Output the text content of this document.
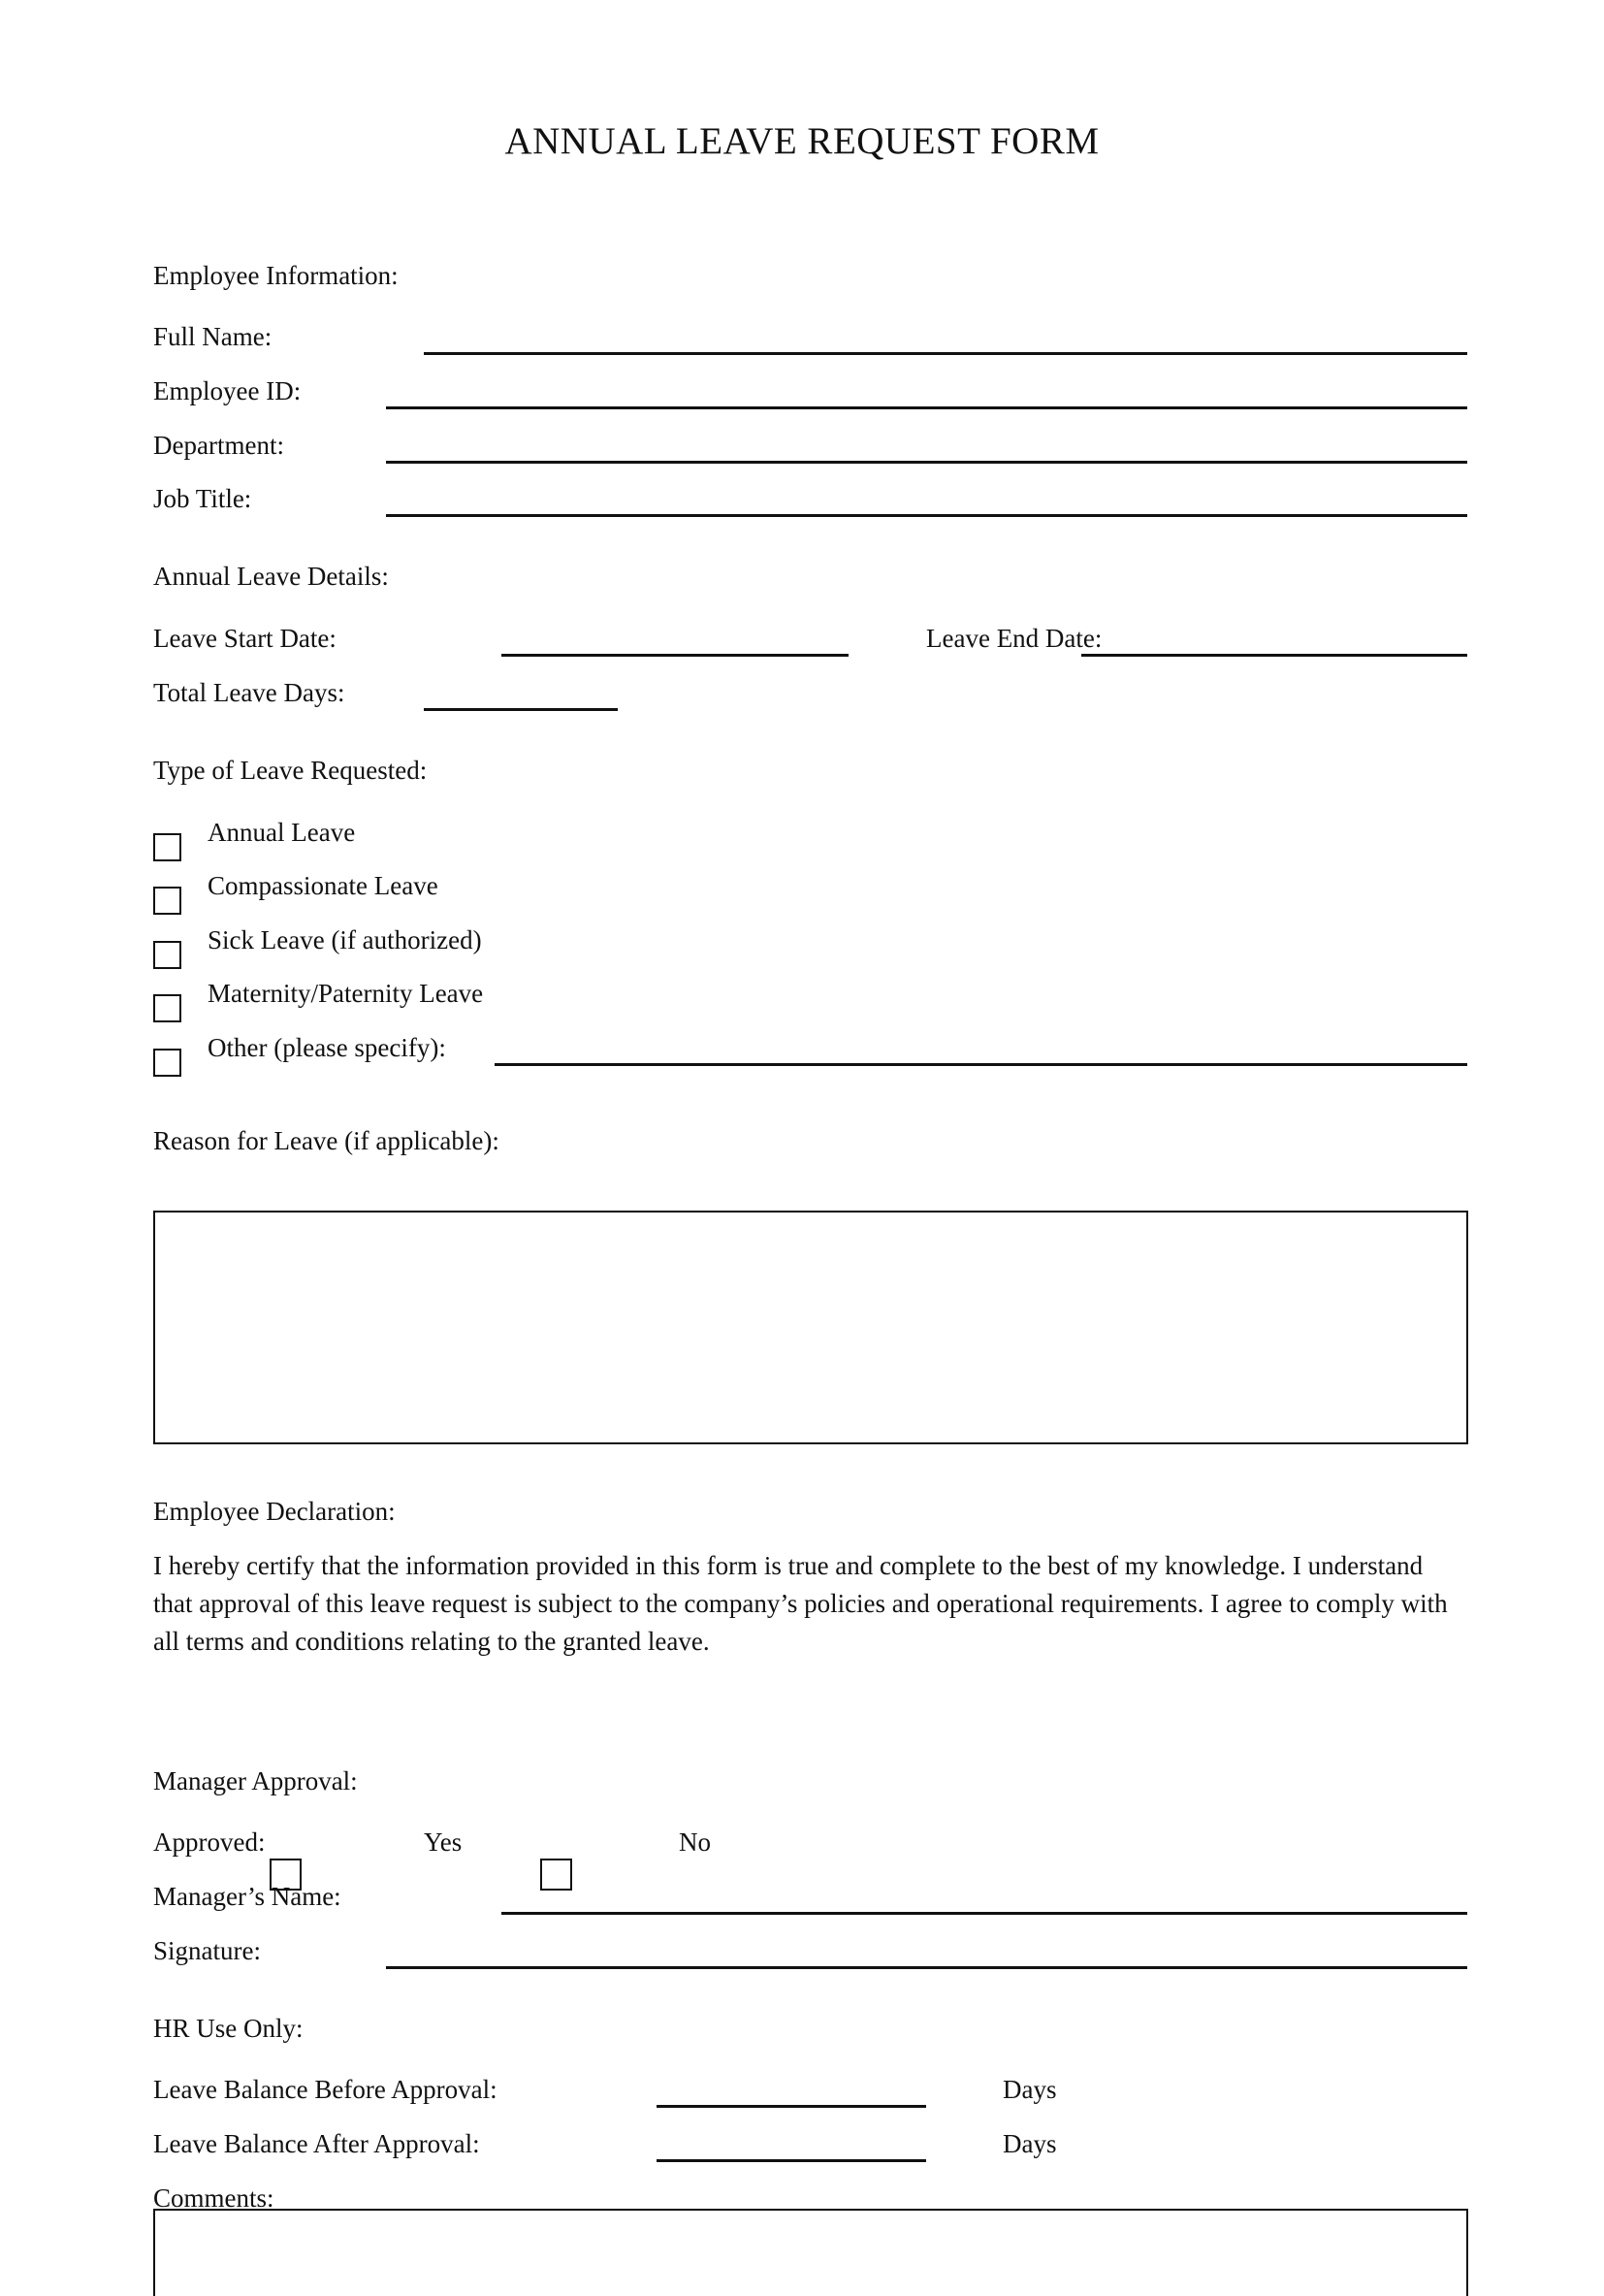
ANNUAL LEAVE REQUEST FORM
Employee Information:
Full Name:
Employee ID:
Department:
Job Title:
Annual Leave Details:
Leave Start Date:	Leave End Date:
Total Leave Days:
Type of Leave Requested:
Annual Leave
Compassionate Leave
Sick Leave (if authorized)
Maternity/Paternity Leave
Other (please specify):
Reason for Leave (if applicable):
Employee Declaration:
I hereby certify that the information provided in this form is true and complete to the best of my knowledge. I understand that approval of this leave request is subject to the company’s policies and operational requirements. I agree to comply with all terms and conditions relating to the granted leave.
Manager Approval:
Approved:	Yes	No
Manager’s Name:
Signature:
HR Use Only:
Leave Balance Before Approval:	Days
Leave Balance After Approval:	Days
Comments:
